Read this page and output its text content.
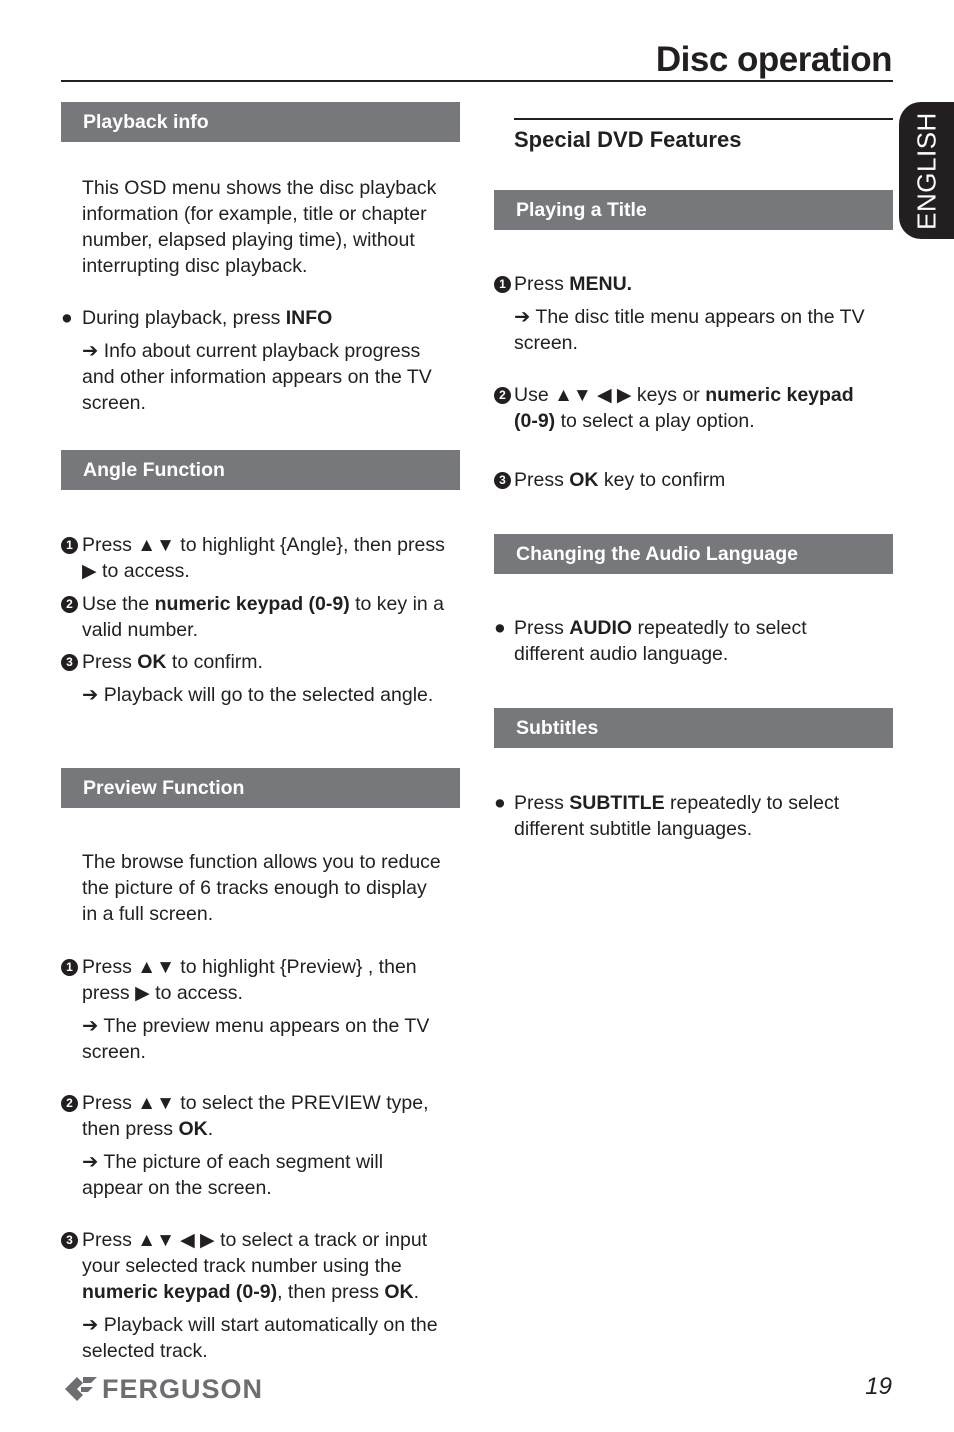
Disc operation
ENGLISH
Playback info
This OSD menu shows the disc playback
information (for example, title or chapter
number, elapsed playing time), without
interrupting disc playback.
● During playback, press INFO
➔ Info about current playback progress
and other information appears on the TV
screen.
Angle Function
1 Press ▲▼ to highlight {Angle}, then press
▶ to access.
2 Use the numeric keypad (0-9) to key in a
valid number.
3 Press OK to confirm.
➔ Playback will go to the selected angle.
Preview Function
The browse function allows you to reduce
the picture of 6 tracks enough to display
in a full screen.
1 Press ▲▼ to highlight {Preview} , then
press ▶ to access.
➔ The preview menu appears on the TV
screen.
2 Press ▲▼ to select the PREVIEW type,
then press OK.
➔ The picture of each segment will
appear on the screen.
3 Press ▲▼ ◀ ▶ to select a track or input
your selected track number using the
numeric keypad (0-9), then press OK.
➔ Playback will start automatically on the
selected track.
Special DVD Features
Playing a Title
1 Press MENU.
➔ The disc title menu appears on the TV
screen.
2 Use ▲▼ ◀ ▶ keys or numeric keypad
(0-9) to select a play option.
3 Press OK key to confirm
Changing the Audio Language
● Press AUDIO repeatedly to select
different audio language.
Subtitles
● Press SUBTITLE repeatedly to select
different subtitle languages.
FERGUSON	19
